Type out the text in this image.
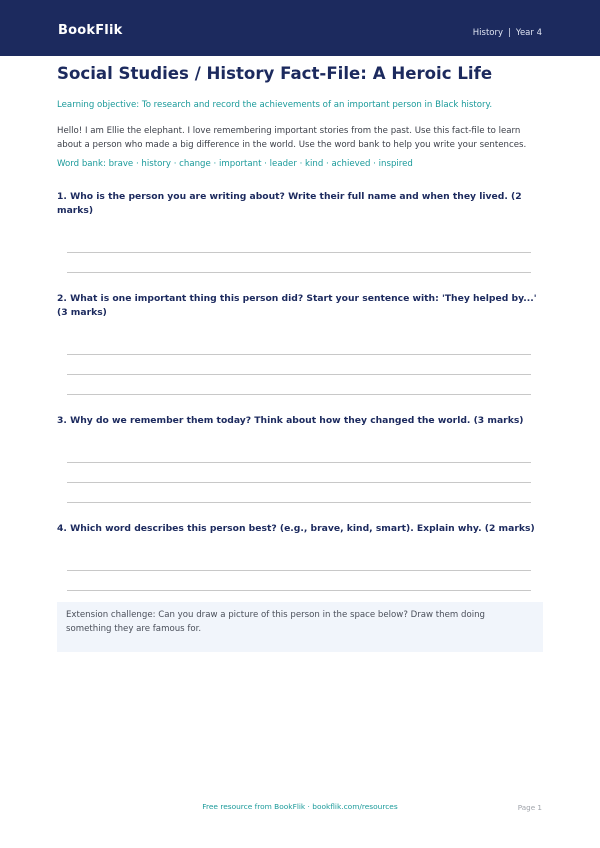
BookFlik	History | Year 4
Social Studies / History Fact-File: A Heroic Life

Learning objective: To research and record the achievements of an important person in Black history.

Hello! I am Ellie the elephant. I love remembering important stories from the past. Use this fact-file to learn about a person who made a big difference in the world. Use the word bank to help you write your sentences.

Word bank: brave · history · change · important · leader · kind · achieved · inspired

1. Who is the person you are writing about? Write their full name and when they lived. (2 marks)
2. What is one important thing this person did? Start your sentence with: 'They helped by...' (3 marks)
3. Why do we remember them today? Think about how they changed the world. (3 marks)
4. Which word describes this person best? (e.g., brave, kind, smart). Explain why. (2 marks)

Extension challenge: Can you draw a picture of this person in the space below? Draw them doing something they are famous for.

Free resource from BookFlik · bookflik.com/resources	Page 1
